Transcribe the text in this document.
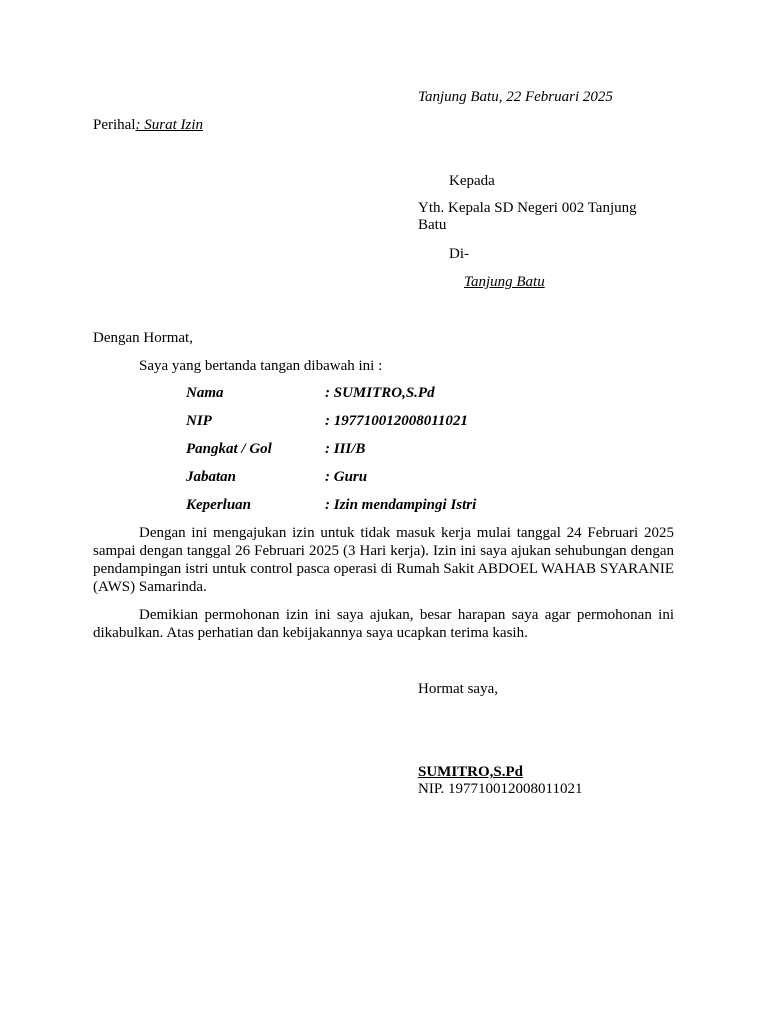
Tanjung Batu, 22 Februari 2025
Perihal: Surat Izin
Kepada
Yth. Kepala SD Negeri 002 Tanjung Batu
Di-
Tanjung Batu
Dengan Hormat,
Saya yang bertanda tangan dibawah ini :
Nama	: SUMITRO,S.Pd
NIP	: 197710012008011021
Pangkat / Gol	: III/B
Jabatan	: Guru
Keperluan	: Izin mendampingi Istri

Dengan ini mengajukan izin untuk tidak masuk kerja mulai tanggal 24 Februari 2025 sampai dengan tanggal 26 Februari 2025 (3 Hari kerja). Izin ini saya ajukan sehubungan dengan pendampingan istri untuk control pasca operasi di Rumah Sakit ABDOEL WAHAB SYARANIE (AWS) Samarinda.

Demikian permohonan izin ini saya ajukan, besar harapan saya agar permohonan ini dikabulkan. Atas perhatian dan kebijakannya saya ucapkan terima kasih.

Hormat saya,
SUMITRO,S.Pd
NIP. 197710012008011021
